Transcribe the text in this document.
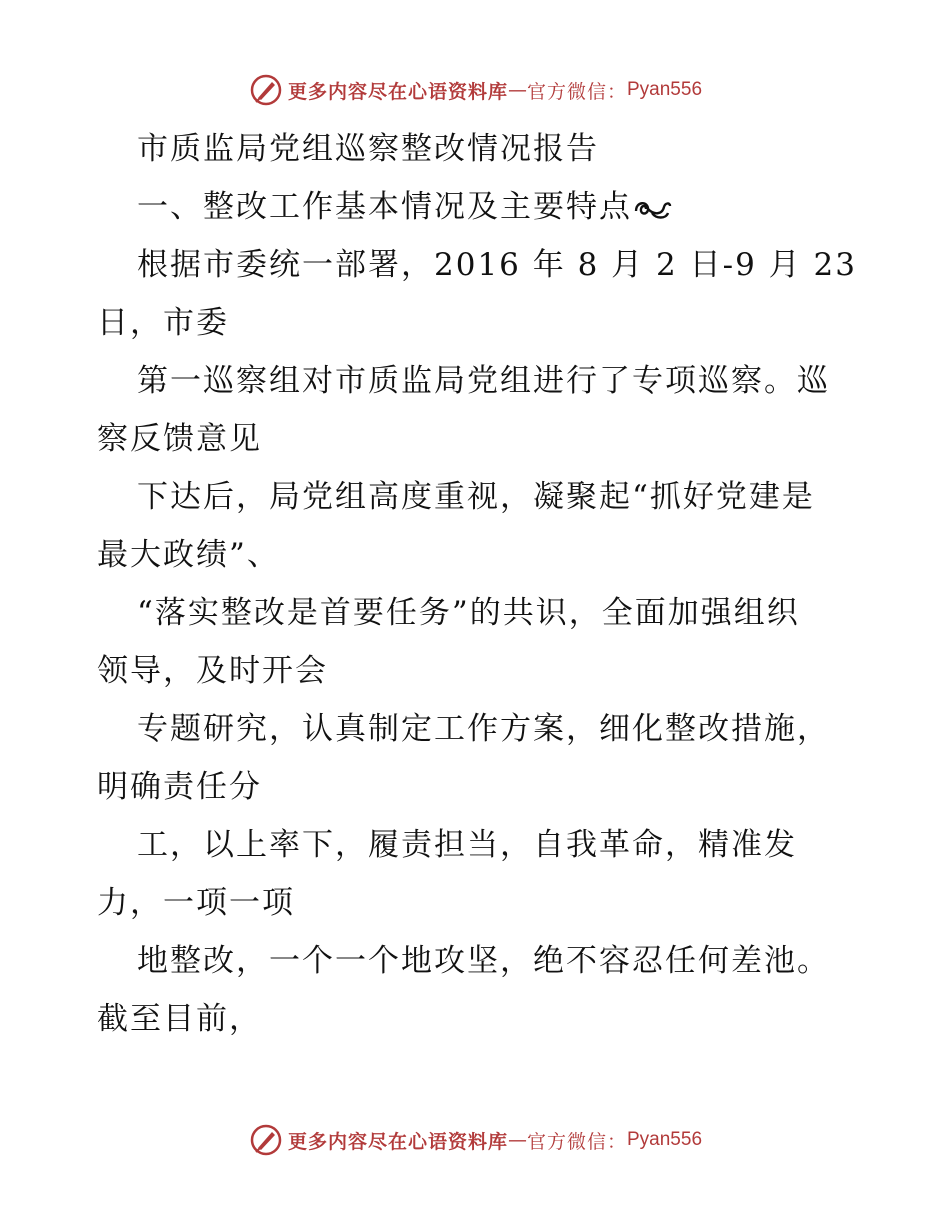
更多内容尽在心语资料库 — 官方微信： Pyan556
市质监局党组巡察整改情况报告
一、整改工作基本情况及主要特点
根据市委统一部署，2016 年 8 月 2 日-9 月 23
日，市委
第一巡察组对市质监局党组进行了专项巡察。巡
察反馈意见
下达后，局党组高度重视，凝聚起“抓好党建是
最大政绩”、
“落实整改是首要任务”的共识，全面加强组织
领导，及时开会
专题研究，认真制定工作方案，细化整改措施，
明确责任分
工，以上率下，履责担当，自我革命，精准发
力，一项一项
地整改，一个一个地攻坚，绝不容忍任何差池。
截至目前，
更多内容尽在心语资料库 — 官方微信： Pyan556
